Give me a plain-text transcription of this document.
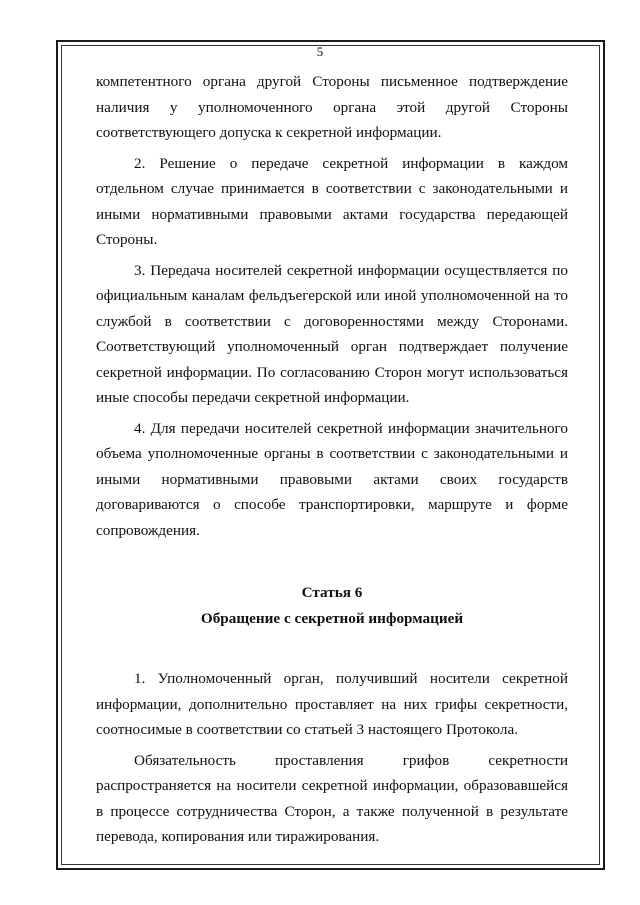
5

компетентного органа другой Стороны письменное подтверждение наличия у уполномоченного органа этой другой Стороны соответствующего допуска к секретной информации.

2. Решение о передаче секретной информации в каждом отдельном случае принимается в соответствии с законодательными и иными нормативными правовыми актами государства передающей Стороны.

3. Передача носителей секретной информации осуществляется по официальным каналам фельдъегерской или иной уполномоченной на то службой в соответствии с договоренностями между Сторонами. Соответствующий уполномоченный орган подтверждает получение секретной информации. По согласованию Сторон могут использоваться иные способы передачи секретной информации.

4. Для передачи носителей секретной информации значительного объема уполномоченные органы в соответствии с законодательными и иными нормативными правовыми актами своих государств договариваются о способе транспортировки, маршруте и форме сопровождения.

Статья 6

Обращение с секретной информацией

1. Уполномоченный орган, получивший носители секретной информации, дополнительно проставляет на них грифы секретности, соотносимые в соответствии со статьей 3 настоящего Протокола.

Обязательность проставления грифов секретности распространяется на носители секретной информации, образовавшейся в процессе сотрудничества Сторон, а также полученной в результате перевода, копирования или тиражирования.
